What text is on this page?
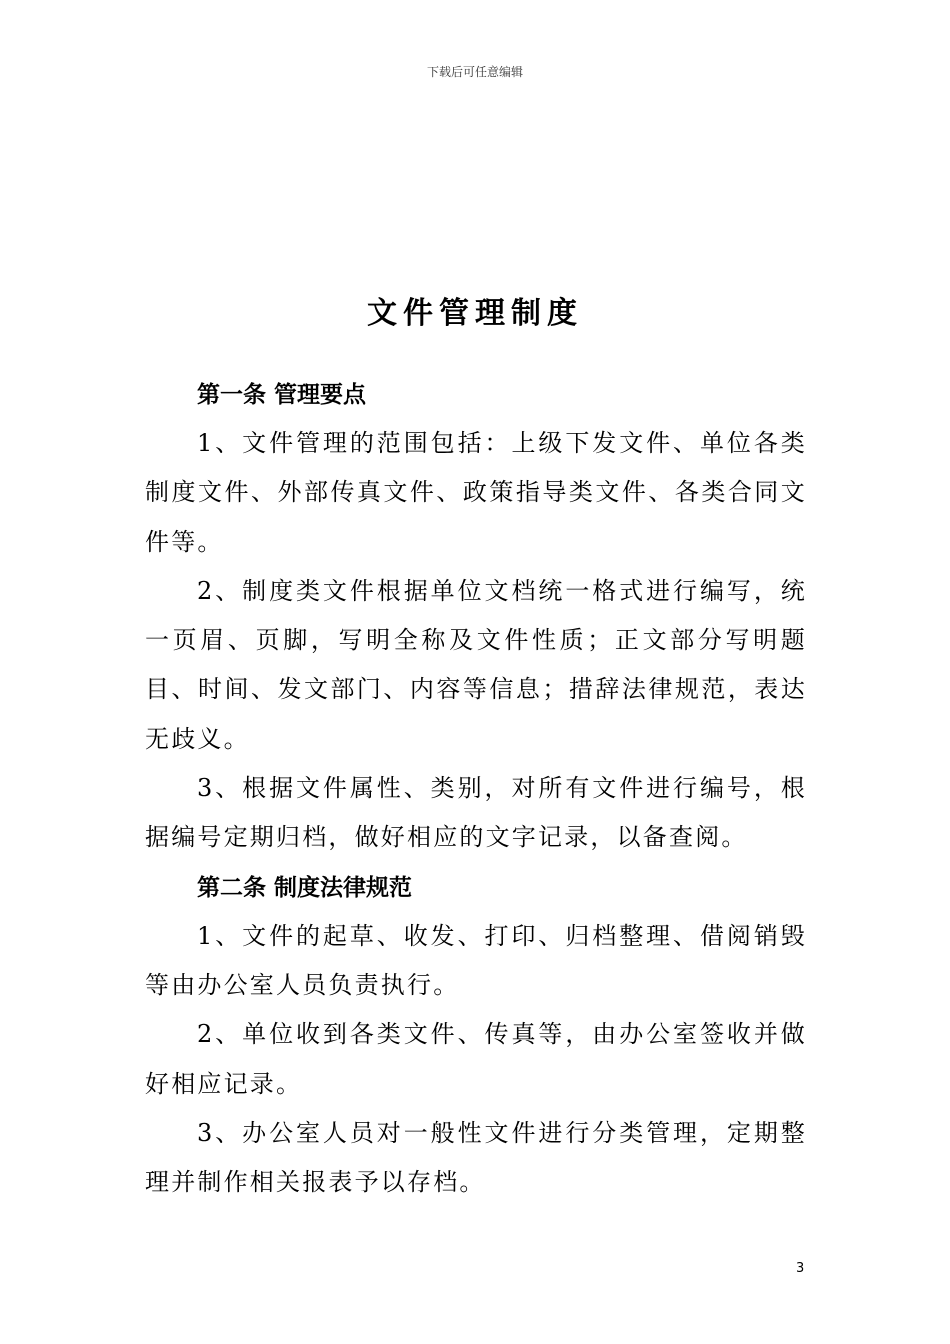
下载后可任意编辑
文件管理制度

第一条 管理要点

1、文件管理的范围包括：上级下发文件、单位各类制度文件、外部传真文件、政策指导类文件、各类合同文件等。

2、制度类文件根据单位文档统一格式进行编写，统一页眉、页脚，写明全称及文件性质；正文部分写明题目、时间、发文部门、内容等信息；措辞法律规范，表达无歧义。

3、根据文件属性、类别，对所有文件进行编号，根据编号定期归档，做好相应的文字记录，以备查阅。

第二条 制度法律规范

1、文件的起草、收发、打印、归档整理、借阅销毁等由办公室人员负责执行。

2、单位收到各类文件、传真等，由办公室签收并做好相应记录。

3、办公室人员对一般性文件进行分类管理，定期整理并制作相关报表予以存档。

3
